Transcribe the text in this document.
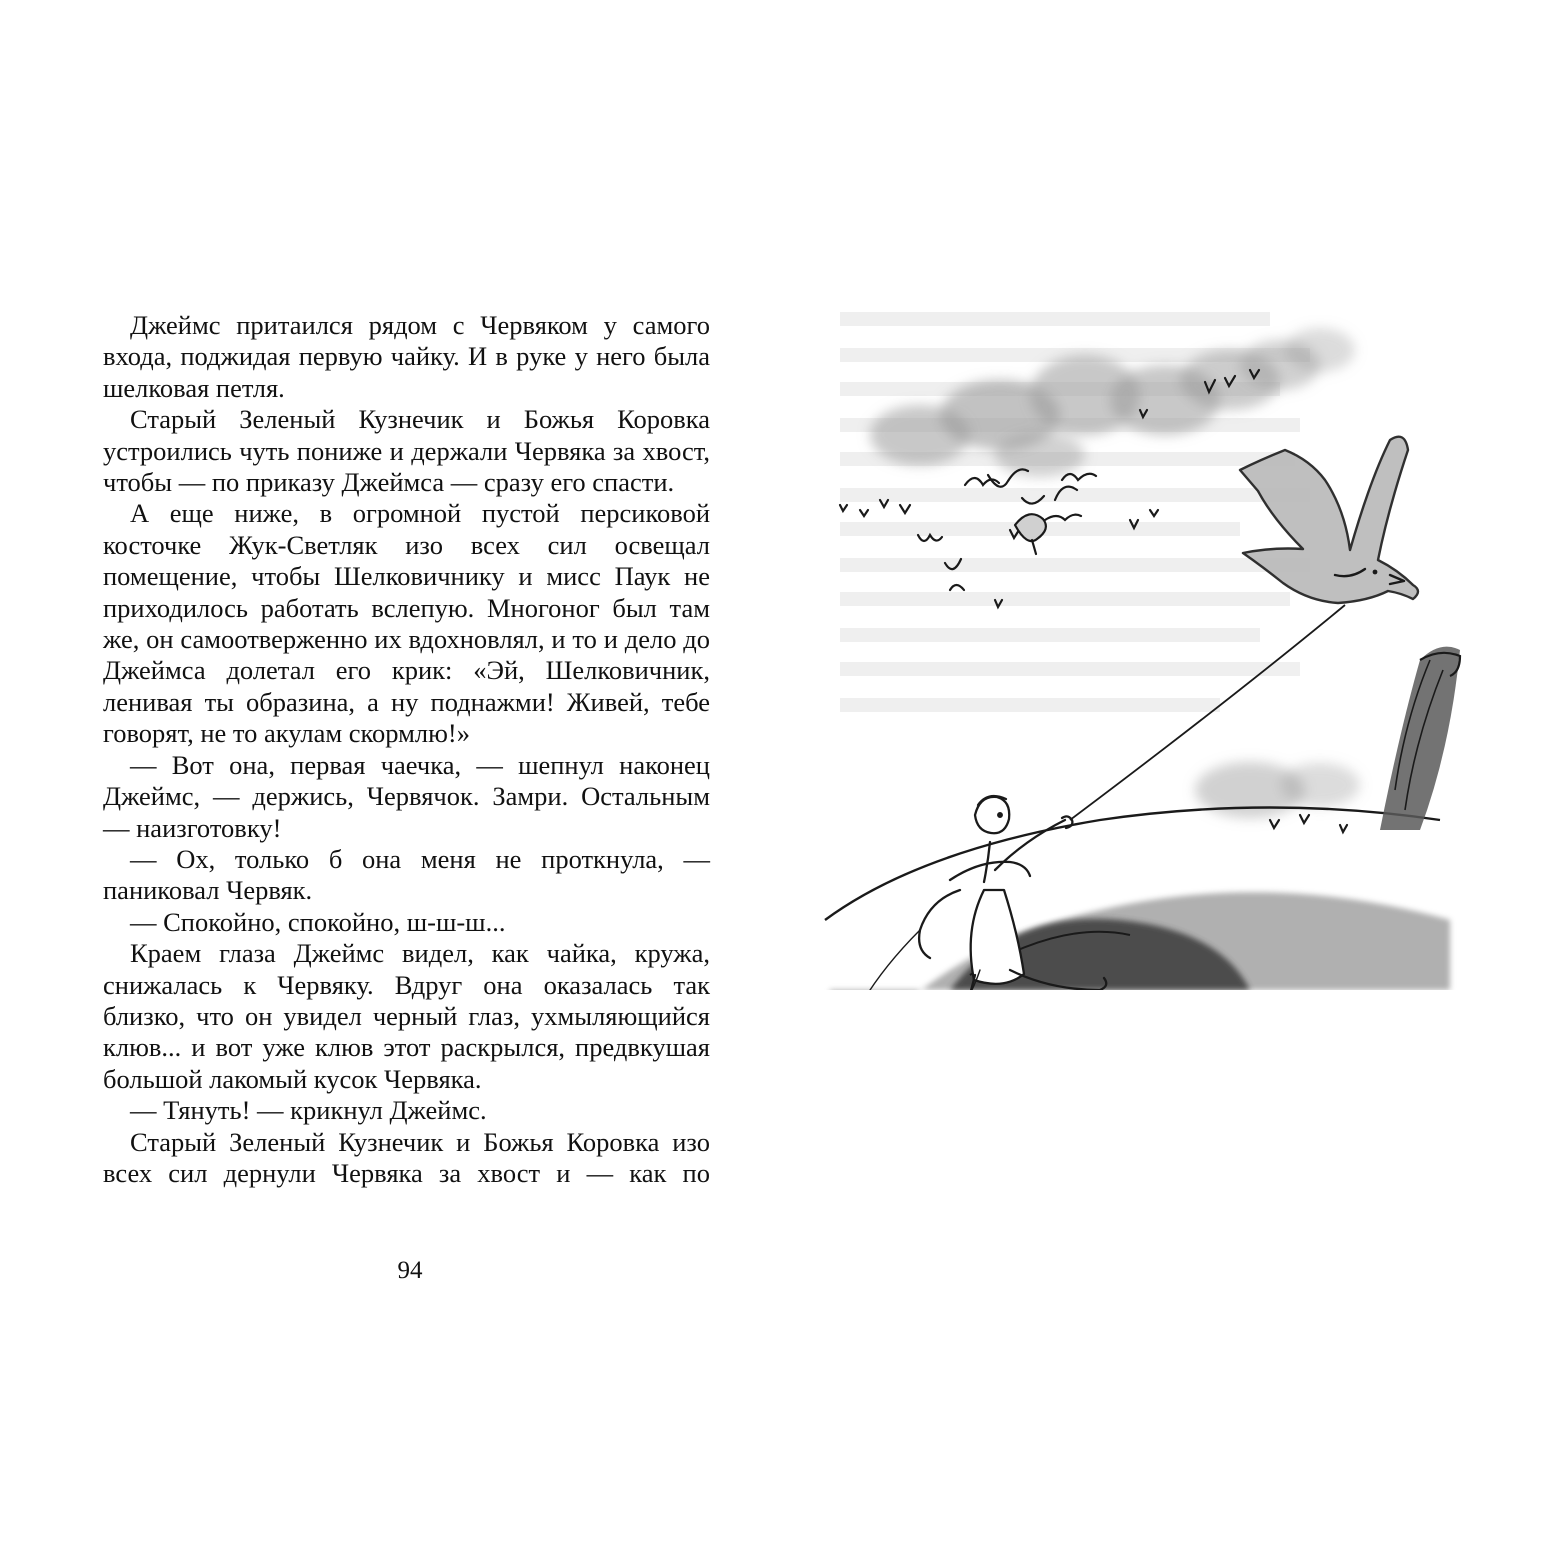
Джеймс притаился рядом с Червяком у самого входа, поджидая первую чайку. И в руке у него была шелковая петля.

Старый Зеленый Кузнечик и Божья Коровка устроились чуть пониже и держали Червяка за хвост, чтобы — по приказу Джеймса — сразу его спасти.

А еще ниже, в огромной пустой персиковой косточке Жук-Светляк изо всех сил освещал помещение, чтобы Шелковичнику и мисс Паук не приходилось работать вслепую. Многоног был там же, он самоотверженно их вдохновлял, и то и дело до Джеймса долетал его крик: «Эй, Шелковичник, ленивая ты образина, а ну поднажми! Живей, тебе говорят, не то акулам скормлю!»

— Вот она, первая чаечка, — шепнул наконец Джеймс, — держись, Червячок. Замри. Остальным — наизготовку!

— Ох, только б она меня не проткнула, — паниковал Червяк.

— Спокойно, спокойно, ш-ш-ш...

Краем глаза Джеймс видел, как чайка, кружа, снижалась к Червяку. Вдруг она оказалась так близко, что он увидел черный глаз, ухмыляющийся клюв... и вот уже клюв этот раскрылся, предвкушая большой лакомый кусок Червяка.

— Тянуть! — крикнул Джеймс.

Старый Зеленый Кузнечик и Божья Коровка изо всех сил дернули Червяка за хвост и — как по

94
